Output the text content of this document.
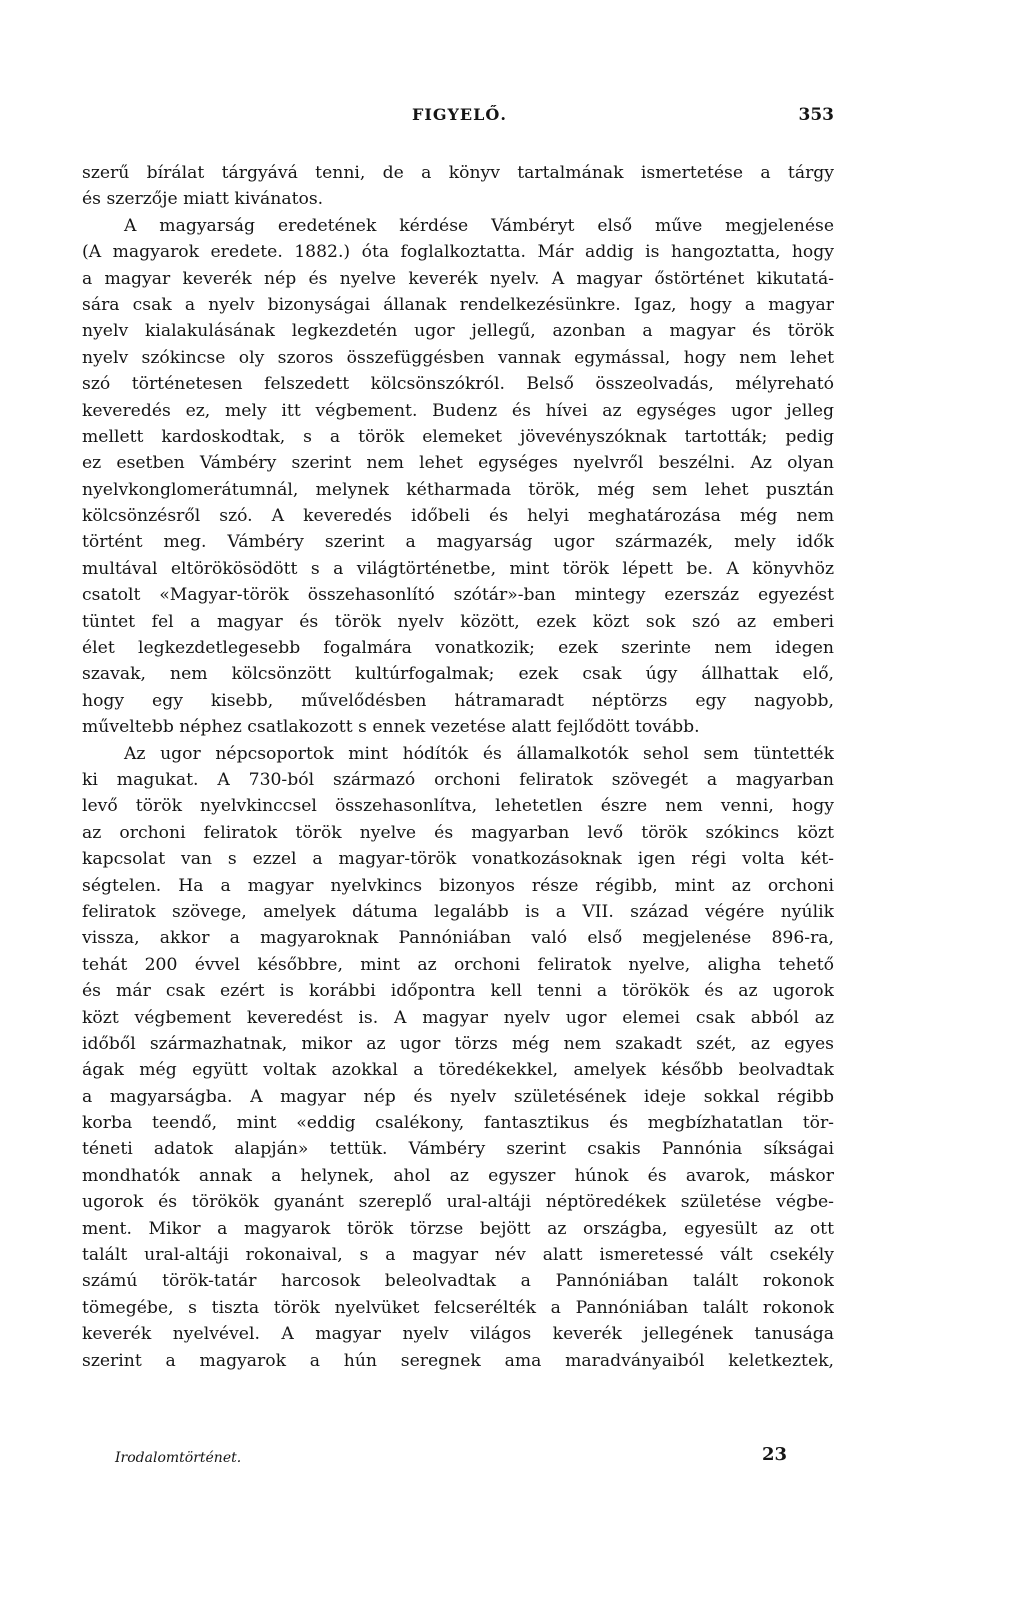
FIGYELŐ.	353
szerű bírálat tárgyává tenni, de a könyv tartalmának ismertetése a tárgy
és szerzője miatt kivánatos.
A magyarság eredetének kérdése Vámbéryt első műve megjelenése
(A magyarok eredete. 1882.) óta foglalkoztatta. Már addig is hangoztatta, hogy
a magyar keverék nép és nyelve keverék nyelv. A magyar őstörténet kikutatá-
sára csak a nyelv bizonyságai állanak rendelkezésünkre. Igaz, hogy a magyar
nyelv kialakulásának legkezdetén ugor jellegű, azonban a magyar és török
nyelv szókincse oly szoros összefüggésben vannak egymással, hogy nem lehet
szó történetesen felszedett kölcsönszókról. Belső összeolvadás, mélyreható
keveredés ez, mely itt végbement. Budenz és hívei az egységes ugor jelleg
mellett kardoskodtak, s a török elemeket jövevényszóknak tartották; pedig
ez esetben Vámbéry szerint nem lehet egységes nyelvről beszélni. Az olyan
nyelvkonglomerátumnál, melynek kétharmada török, még sem lehet pusztán
kölcsönzésről szó. A keveredés időbeli és helyi meghatározása még nem
történt meg. Vámbéry szerint a magyarság ugor származék, mely idők
multával eltörökösödött s a világtörténetbe, mint török lépett be. A könyvhöz
csatolt «Magyar-török összehasonlító szótár»-ban mintegy ezerszáz egyezést
tüntet fel a magyar és török nyelv között, ezek közt sok szó az emberi
élet legkezdetlegesebb fogalmára vonatkozik; ezek szerinte nem idegen
szavak, nem kölcsönzött kultúrfogalmak; ezek csak úgy állhattak elő,
hogy egy kisebb, művelődésben hátramaradt néptörzs egy nagyobb,
műveltebb néphez csatlakozott s ennek vezetése alatt fejlődött tovább.
Az ugor népcsoportok mint hódítók és államalkotók sehol sem tüntették
ki magukat. A 730-ból származó orchoni feliratok szövegét a magyarban
levő török nyelvkinccsel összehasonlítva, lehetetlen észre nem venni, hogy
az orchoni feliratok török nyelve és magyarban levő török szókincs közt
kapcsolat van s ezzel a magyar-török vonatkozásoknak igen régi volta két-
ségtelen. Ha a magyar nyelvkincs bizonyos része régibb, mint az orchoni
feliratok szövege, amelyek dátuma legalább is a VII. század végére nyúlik
vissza, akkor a magyaroknak Pannóniában való első megjelenése 896-ra,
tehát 200 évvel későbbre, mint az orchoni feliratok nyelve, aligha tehető
és már csak ezért is korábbi időpontra kell tenni a törökök és az ugorok
közt végbement keveredést is. A magyar nyelv ugor elemei csak abból az
időből származhatnak, mikor az ugor törzs még nem szakadt szét, az egyes
ágak még együtt voltak azokkal a töredékekkel, amelyek később beolvadtak
a magyarságba. A magyar nép és nyelv születésének ideje sokkal régibb
korba teendő, mint «eddig csalékony, fantasztikus és megbízhatatlan tör-
téneti adatok alapján» tettük. Vámbéry szerint csakis Pannónia síkságai
mondhatók annak a helynek, ahol az egyszer húnok és avarok, máskor
ugorok és törökök gyanánt szereplő ural-altáji néptöredékek születése végbe-
ment. Mikor a magyarok török törzse bejött az országba, egyesült az ott
talált ural-altáji rokonaival, s a magyar név alatt ismeretessé vált csekély
számú török-tatár harcosok beleolvadtak a Pannóniában talált rokonok
tömegébe, s tiszta török nyelvüket felcserélték a Pannóniában talált rokonok
keverék nyelvével. A magyar nyelv világos keverék jellegének tanusága
szerint a magyarok a hún seregnek ama maradványaiból keletkeztek,
Irodalomtörténet.	23
